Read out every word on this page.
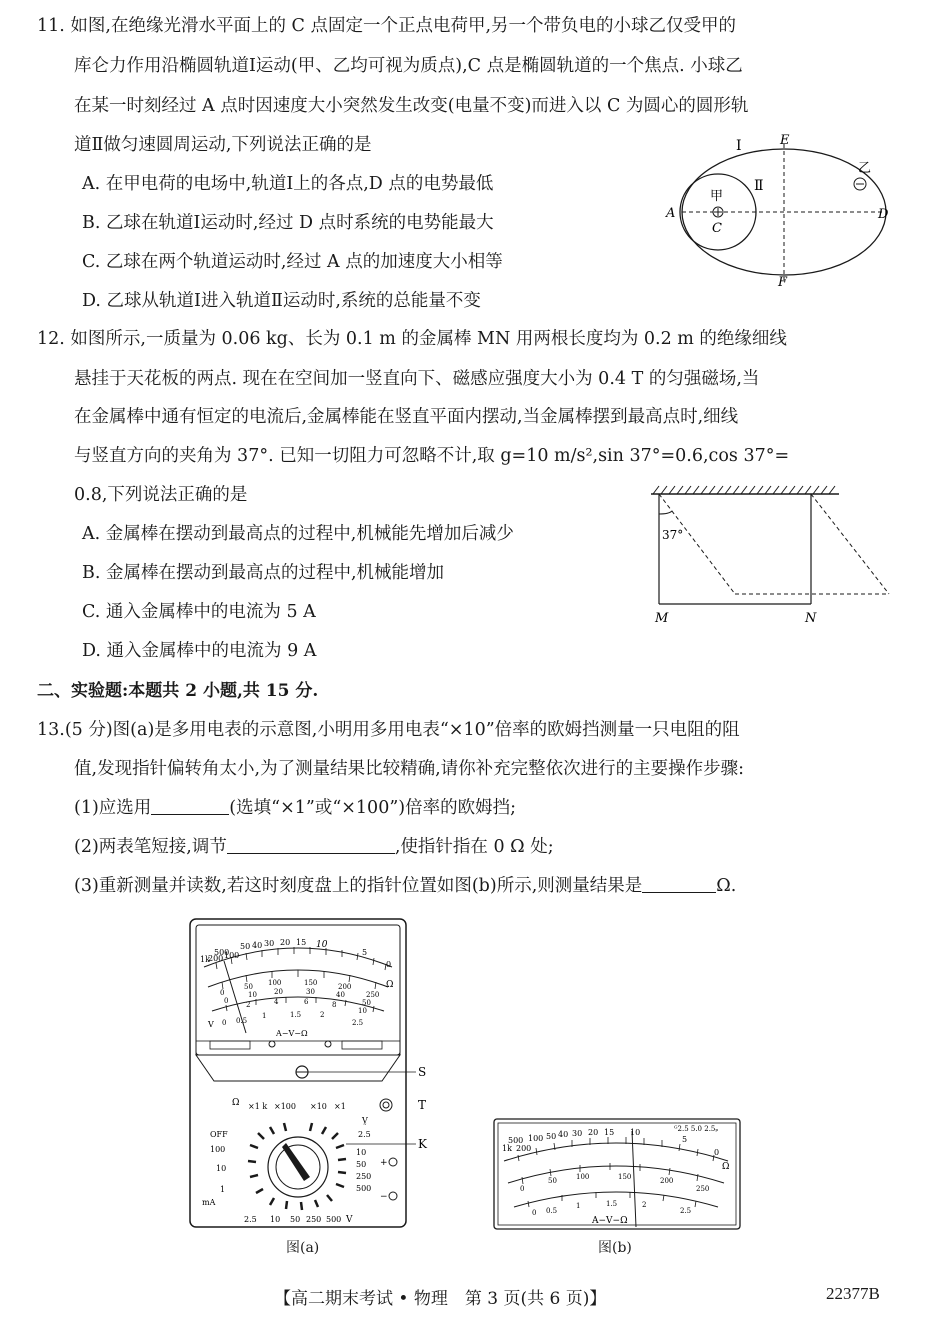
11. 如图,在绝缘光滑水平面上的 C 点固定一个正点电荷甲,另一个带负电的小球乙仅受甲的
库仑力作用沿椭圆轨道Ⅰ运动(甲、乙均可视为质点),C 点是椭圆轨道的一个焦点. 小球乙
在某一时刻经过 A 点时因速度大小突然发生改变(电量不变)而进入以 C 为圆心的圆形轨
道Ⅱ做匀速圆周运动,下列说法正确的是
A. 在甲电荷的电场中,轨道Ⅰ上的各点,D 点的电势最低
B. 乙球在轨道Ⅰ运动时,经过 D 点时系统的电势能最大
C. 乙球在两个轨道运动时,经过 A 点的加速度大小相等
D. 乙球从轨道Ⅰ进入轨道Ⅱ运动时,系统的总能量不变
Ⅰ
Ⅱ
E
F
A	D
C
甲
乙
12. 如图所示,一质量为 0.06 kg、长为 0.1 m 的金属棒 MN 用两根长度均为 0.2 m 的绝缘细线
悬挂于天花板的两点. 现在在空间加一竖直向下、磁感应强度大小为 0.4 T 的匀强磁场,当
在金属棒中通有恒定的电流后,金属棒能在竖直平面内摆动,当金属棒摆到最高点时,细线
与竖直方向的夹角为 37°. 已知一切阻力可忽略不计,取 g=10 m/s²,sin 37°=0.6,cos 37°=
0.8,下列说法正确的是
A. 金属棒在摆动到最高点的过程中,机械能先增加后减少
B. 金属棒在摆动到最高点的过程中,机械能增加
C. 通入金属棒中的电流为 5 A
D. 通入金属棒中的电流为 9 A
37°
M	N
二、实验题:本题共 2 小题,共 15 分.
13.(5 分)图(a)是多用电表的示意图,小明用多用电表“×10”倍率的欧姆挡测量一只电阻的阻
值,发现指针偏转角太小,为了测量结果比较精确,请你补充完整依次进行的主要操作步骤:
(1)应选用	(选填“×1”或“×100”)倍率的欧姆挡;
(2)两表笔短接,调节	,使指针指在 0 Ω 处;
(3)重新测量并读数,若这时刻度盘上的指针位置如图(b)所示,则测量结果是	Ω.
500
1k
200 100
50 40 30 20 15 10
5
0
Ω
0
50 100	150	200
250
0
10 20	30	40
50
2	4	6	8
10
0 0.5
1	1.5	2
2.5
V
A−V−Ω
S
T
K
Ω ×1 k ×100 ×10 ×1
OFF
100
10
1
mA
V̰
2.5
10
50
250
500
+
−
2.5 10 50 250 500 V
图(a)
500
1k 200
100 50 40 30 20 15 10
5
0
ᴳ2.5 5.0 2.5ₚ
Ω
0
50	100	150	200
250
0 0.5
1	1.5	2
2.5
A−V−Ω
图(b)
【高二期末考试 • 物理　第 3 页(共 6 页)】	22377B
